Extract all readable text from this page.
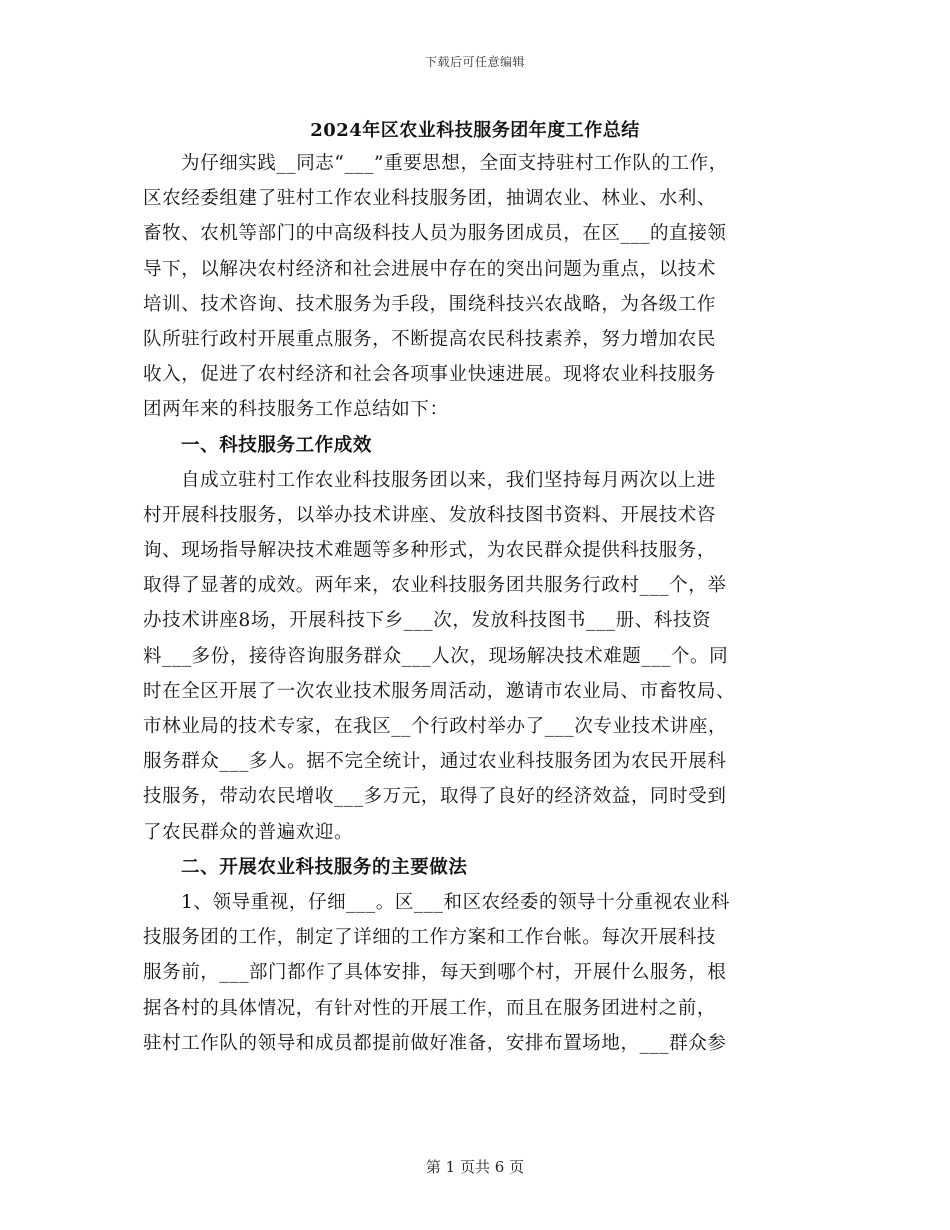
下载后可任意编辑
2024年区农业科技服务团年度工作总结
为仔细实践__同志“___”重要思想，全面支持驻村工作队的工作，
区农经委组建了驻村工作农业科技服务团，抽调农业、林业、水利、
畜牧、农机等部门的中高级科技人员为服务团成员，在区___的直接领
导下，以解决农村经济和社会进展中存在的突出问题为重点，以技术
培训、技术咨询、技术服务为手段，围绕科技兴农战略，为各级工作
队所驻行政村开展重点服务，不断提高农民科技素养，努力增加农民
收入，促进了农村经济和社会各项事业快速进展。现将农业科技服务
团两年来的科技服务工作总结如下：
一、科技服务工作成效
自成立驻村工作农业科技服务团以来，我们坚持每月两次以上进
村开展科技服务，以举办技术讲座、发放科技图书资料、开展技术咨
询、现场指导解决技术难题等多种形式，为农民群众提供科技服务，
取得了显著的成效。两年来，农业科技服务团共服务行政村___个，举
办技术讲座8场，开展科技下乡___次，发放科技图书___册、科技资
料___多份，接待咨询服务群众___人次，现场解决技术难题___个。同
时在全区开展了一次农业技术服务周活动，邀请市农业局、市畜牧局、
市林业局的技术专家，在我区__个行政村举办了___次专业技术讲座，
服务群众___多人。据不完全统计，通过农业科技服务团为农民开展科
技服务，带动农民增收___多万元，取得了良好的经济效益，同时受到
了农民群众的普遍欢迎。
二、开展农业科技服务的主要做法
1、领导重视，仔细___。区___和区农经委的领导十分重视农业科
技服务团的工作，制定了详细的工作方案和工作台帐。每次开展科技
服务前，___部门都作了具体安排，每天到哪个村，开展什么服务，根
据各村的具体情况，有针对性的开展工作，而且在服务团进村之前，
驻村工作队的领导和成员都提前做好准备，安排布置场地，___群众参
第 1 页共 6 页
